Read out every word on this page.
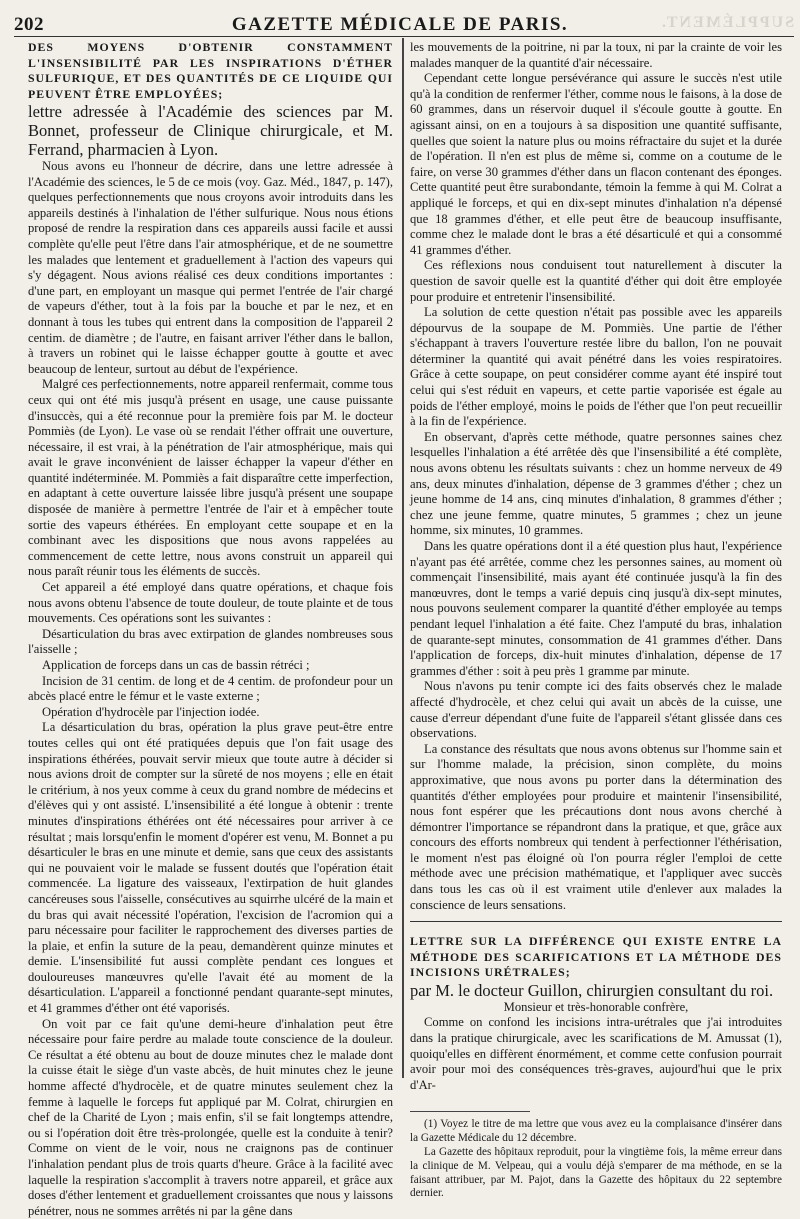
202	GAZETTE MÉDICALE DE PARIS.	SUPPLÉMENT.

DES MOYENS D'OBTENIR CONSTAMMENT L'INSENSIBILITÉ PAR LES INSPIRATIONS D'ÉTHER SULFURIQUE, ET DES QUANTITÉS DE CE LIQUIDE QUI PEUVENT ÊTRE EMPLOYÉES;

lettre adressée à l'Académie des sciences par M. Bonnet, professeur de Clinique chirurgicale, et M. Ferrand, pharmacien à Lyon.

Nous avons eu l'honneur de décrire, dans une lettre adressée à l'Académie des sciences, le 5 de ce mois (voy. Gaz. Méd., 1847, p. 147), quelques perfectionnements que nous croyons avoir introduits dans les appareils destinés à l'inhalation de l'éther sulfurique. Nous nous étions proposé de rendre la respiration dans ces appareils aussi facile et aussi complète qu'elle peut l'être dans l'air atmosphérique, et de ne soumettre les malades que lentement et graduellement à l'action des vapeurs qui s'y dégagent. Nous avions réalisé ces deux conditions importantes : d'une part, en employant un masque qui permet l'entrée de l'air chargé de vapeurs d'éther, tout à la fois par la bouche et par le nez, et en donnant à tous les tubes qui entrent dans la composition de l'appareil 2 centim. de diamètre ; de l'autre, en faisant arriver l'éther dans le ballon, à travers un robinet qui le laisse échapper goutte à goutte et avec beaucoup de lenteur, surtout au début de l'expérience.

Malgré ces perfectionnements, notre appareil renfermait, comme tous ceux qui ont été mis jusqu'à présent en usage, une cause puissante d'insuccès, qui a été reconnue pour la première fois par M. le docteur Pommiès (de Lyon). Le vase où se rendait l'éther offrait une ouverture, nécessaire, il est vrai, à la pénétration de l'air atmosphérique, mais qui avait le grave inconvénient de laisser échapper la vapeur d'éther en quantité indéterminée. M. Pommiès a fait disparaître cette imperfection, en adaptant à cette ouverture laissée libre jusqu'à présent une soupape disposée de manière à permettre l'entrée de l'air et à empêcher toute sortie des vapeurs éthérées. En employant cette soupape et en la combinant avec les dispositions que nous avons rappelées au commencement de cette lettre, nous avons construit un appareil qui nous paraît réunir tous les éléments de succès.

Cet appareil a été employé dans quatre opérations, et chaque fois nous avons obtenu l'absence de toute douleur, de toute plainte et de tous mouvements. Ces opérations sont les suivantes :

Désarticulation du bras avec extirpation de glandes nombreuses sous l'aisselle ;

Application de forceps dans un cas de bassin rétréci ;

Incision de 31 centim. de long et de 4 centim. de profondeur pour un abcès placé entre le fémur et le vaste externe ;

Opération d'hydrocèle par l'injection iodée.

La désarticulation du bras, opération la plus grave peut-être entre toutes celles qui ont été pratiquées depuis que l'on fait usage des inspirations éthérées, pouvait servir mieux que toute autre à décider si nous avions droit de compter sur la sûreté de nos moyens ; elle en était le critérium, à nos yeux comme à ceux du grand nombre de médecins et d'élèves qui y ont assisté. L'insensibilité a été longue à obtenir : trente minutes d'inspirations éthérées ont été nécessaires pour arriver à ce résultat ; mais lorsqu'enfin le moment d'opérer est venu, M. Bonnet a pu désarticuler le bras en une minute et demie, sans que ceux des assistants qui ne pouvaient voir le malade se fussent doutés que l'opération était commencée. La ligature des vaisseaux, l'extirpation de huit glandes cancéreuses sous l'aisselle, consécutives au squirrhe ulcéré de la main et du bras qui avait nécessité l'opération, l'excision de l'acromion qui a paru nécessaire pour faciliter le rapprochement des diverses parties de la plaie, et enfin la suture de la peau, demandèrent quinze minutes et demie. L'insensibilité fut aussi complète pendant ces longues et douloureuses manœuvres qu'elle l'avait été au moment de la désarticulation. L'appareil a fonctionné pendant quarante-sept minutes, et 41 grammes d'éther ont été vaporisés.

On voit par ce fait qu'une demi-heure d'inhalation peut être nécessaire pour faire perdre au malade toute conscience de la douleur. Ce résultat a été obtenu au bout de douze minutes chez le malade dont la cuisse était le siège d'un vaste abcès, de huit minutes chez le jeune homme affecté d'hydrocèle, et de quatre minutes seulement chez la femme à laquelle le forceps fut appliqué par M. Colrat, chirurgien en chef de la Charité de Lyon ; mais enfin, s'il se fait longtemps attendre, ou si l'opération doit être très-prolongée, quelle est la conduite à tenir? Comme on vient de le voir, nous ne craignons pas de continuer l'inhalation pendant plus de trois quarts d'heure. Grâce à la facilité avec laquelle la respiration s'accomplit à travers notre appareil, et grâce aux doses d'éther lentement et graduellement croissantes que nous y laissons pénétrer, nous ne sommes arrêtés ni par la gêne dans

les mouvements de la poitrine, ni par la toux, ni par la crainte de voir les malades manquer de la quantité d'air nécessaire.

Cependant cette longue persévérance qui assure le succès n'est utile qu'à la condition de renfermer l'éther, comme nous le faisons, à la dose de 60 grammes, dans un réservoir duquel il s'écoule goutte à goutte. En agissant ainsi, on en a toujours à sa disposition une quantité suffisante, quelles que soient la nature plus ou moins réfractaire du sujet et la durée de l'opération. Il n'en est plus de même si, comme on a coutume de le faire, on verse 30 grammes d'éther dans un flacon contenant des éponges. Cette quantité peut être surabondante, témoin la femme à qui M. Colrat a appliqué le forceps, et qui en dix-sept minutes d'inhalation n'a dépensé que 18 grammes d'éther, et elle peut être de beaucoup insuffisante, comme chez le malade dont le bras a été désarticulé et qui a consommé 41 grammes d'éther.

Ces réflexions nous conduisent tout naturellement à discuter la question de savoir quelle est la quantité d'éther qui doit être employée pour produire et entretenir l'insensibilité.

La solution de cette question n'était pas possible avec les appareils dépourvus de la soupape de M. Pommiès. Une partie de l'éther s'échappant à travers l'ouverture restée libre du ballon, l'on ne pouvait déterminer la quantité qui avait pénétré dans les voies respiratoires. Grâce à cette soupape, on peut considérer comme ayant été inspiré tout celui qui s'est réduit en vapeurs, et cette partie vaporisée est égale au poids de l'éther employé, moins le poids de l'éther que l'on peut recueillir à la fin de l'expérience.

En observant, d'après cette méthode, quatre personnes saines chez lesquelles l'inhalation a été arrêtée dès que l'insensibilité a été complète, nous avons obtenu les résultats suivants : chez un homme nerveux de 49 ans, deux minutes d'inhalation, dépense de 3 grammes d'éther ; chez un jeune homme de 14 ans, cinq minutes d'inhalation, 8 grammes d'éther ; chez une jeune femme, quatre minutes, 5 grammes ; chez un jeune homme, six minutes, 10 grammes.

Dans les quatre opérations dont il a été question plus haut, l'expérience n'ayant pas été arrêtée, comme chez les personnes saines, au moment où commençait l'insensibilité, mais ayant été continuée jusqu'à la fin des manœuvres, dont le temps a varié depuis cinq jusqu'à dix-sept minutes, nous pouvons seulement comparer la quantité d'éther employée au temps pendant lequel l'inhalation a été faite. Chez l'amputé du bras, inhalation de quarante-sept minutes, consommation de 41 grammes d'éther. Dans l'application de forceps, dix-huit minutes d'inhalation, dépense de 17 grammes d'éther : soit à peu près 1 gramme par minute.

Nous n'avons pu tenir compte ici des faits observés chez le malade affecté d'hydrocèle, et chez celui qui avait un abcès de la cuisse, une cause d'erreur dépendant d'une fuite de l'appareil s'étant glissée dans ces observations.

La constance des résultats que nous avons obtenus sur l'homme sain et sur l'homme malade, la précision, sinon complète, du moins approximative, que nous avons pu porter dans la détermination des quantités d'éther employées pour produire et maintenir l'insensibilité, nous font espérer que les précautions dont nous avons cherché à démontrer l'importance se répandront dans la pratique, et que, grâce aux concours des efforts nombreux qui tendent à perfectionner l'éthérisation, le moment n'est pas éloigné où l'on pourra régler l'emploi de cette méthode avec une précision mathématique, et l'appliquer avec succès dans tous les cas où il est vraiment utile d'enlever aux malades la conscience de leurs sensations.

LETTRE SUR LA DIFFÉRENCE QUI EXISTE ENTRE LA MÉTHODE DES SCARIFICATIONS ET LA MÉTHODE DES INCISIONS URÉTRALES;

par M. le docteur Guillon, chirurgien consultant du roi.

Monsieur et très-honorable confrère,

Comme on confond les incisions intra-urétrales que j'ai introduites dans la pratique chirurgicale, avec les scarifications de M. Amussat (1), quoiqu'elles en diffèrent énormément, et comme cette confusion pourrait avoir pour moi des conséquences très-graves, aujourd'hui que le prix d'Ar-

(1) Voyez le titre de ma lettre que vous avez eu la complaisance d'insérer dans la Gazette Médicale du 12 décembre.

La Gazette des hôpitaux reproduit, pour la vingtième fois, la même erreur dans la clinique de M. Velpeau, qui a voulu déjà s'emparer de ma méthode, en se la faisant attribuer, par M. Pajot, dans la Gazette des hôpitaux du 22 septembre dernier.
